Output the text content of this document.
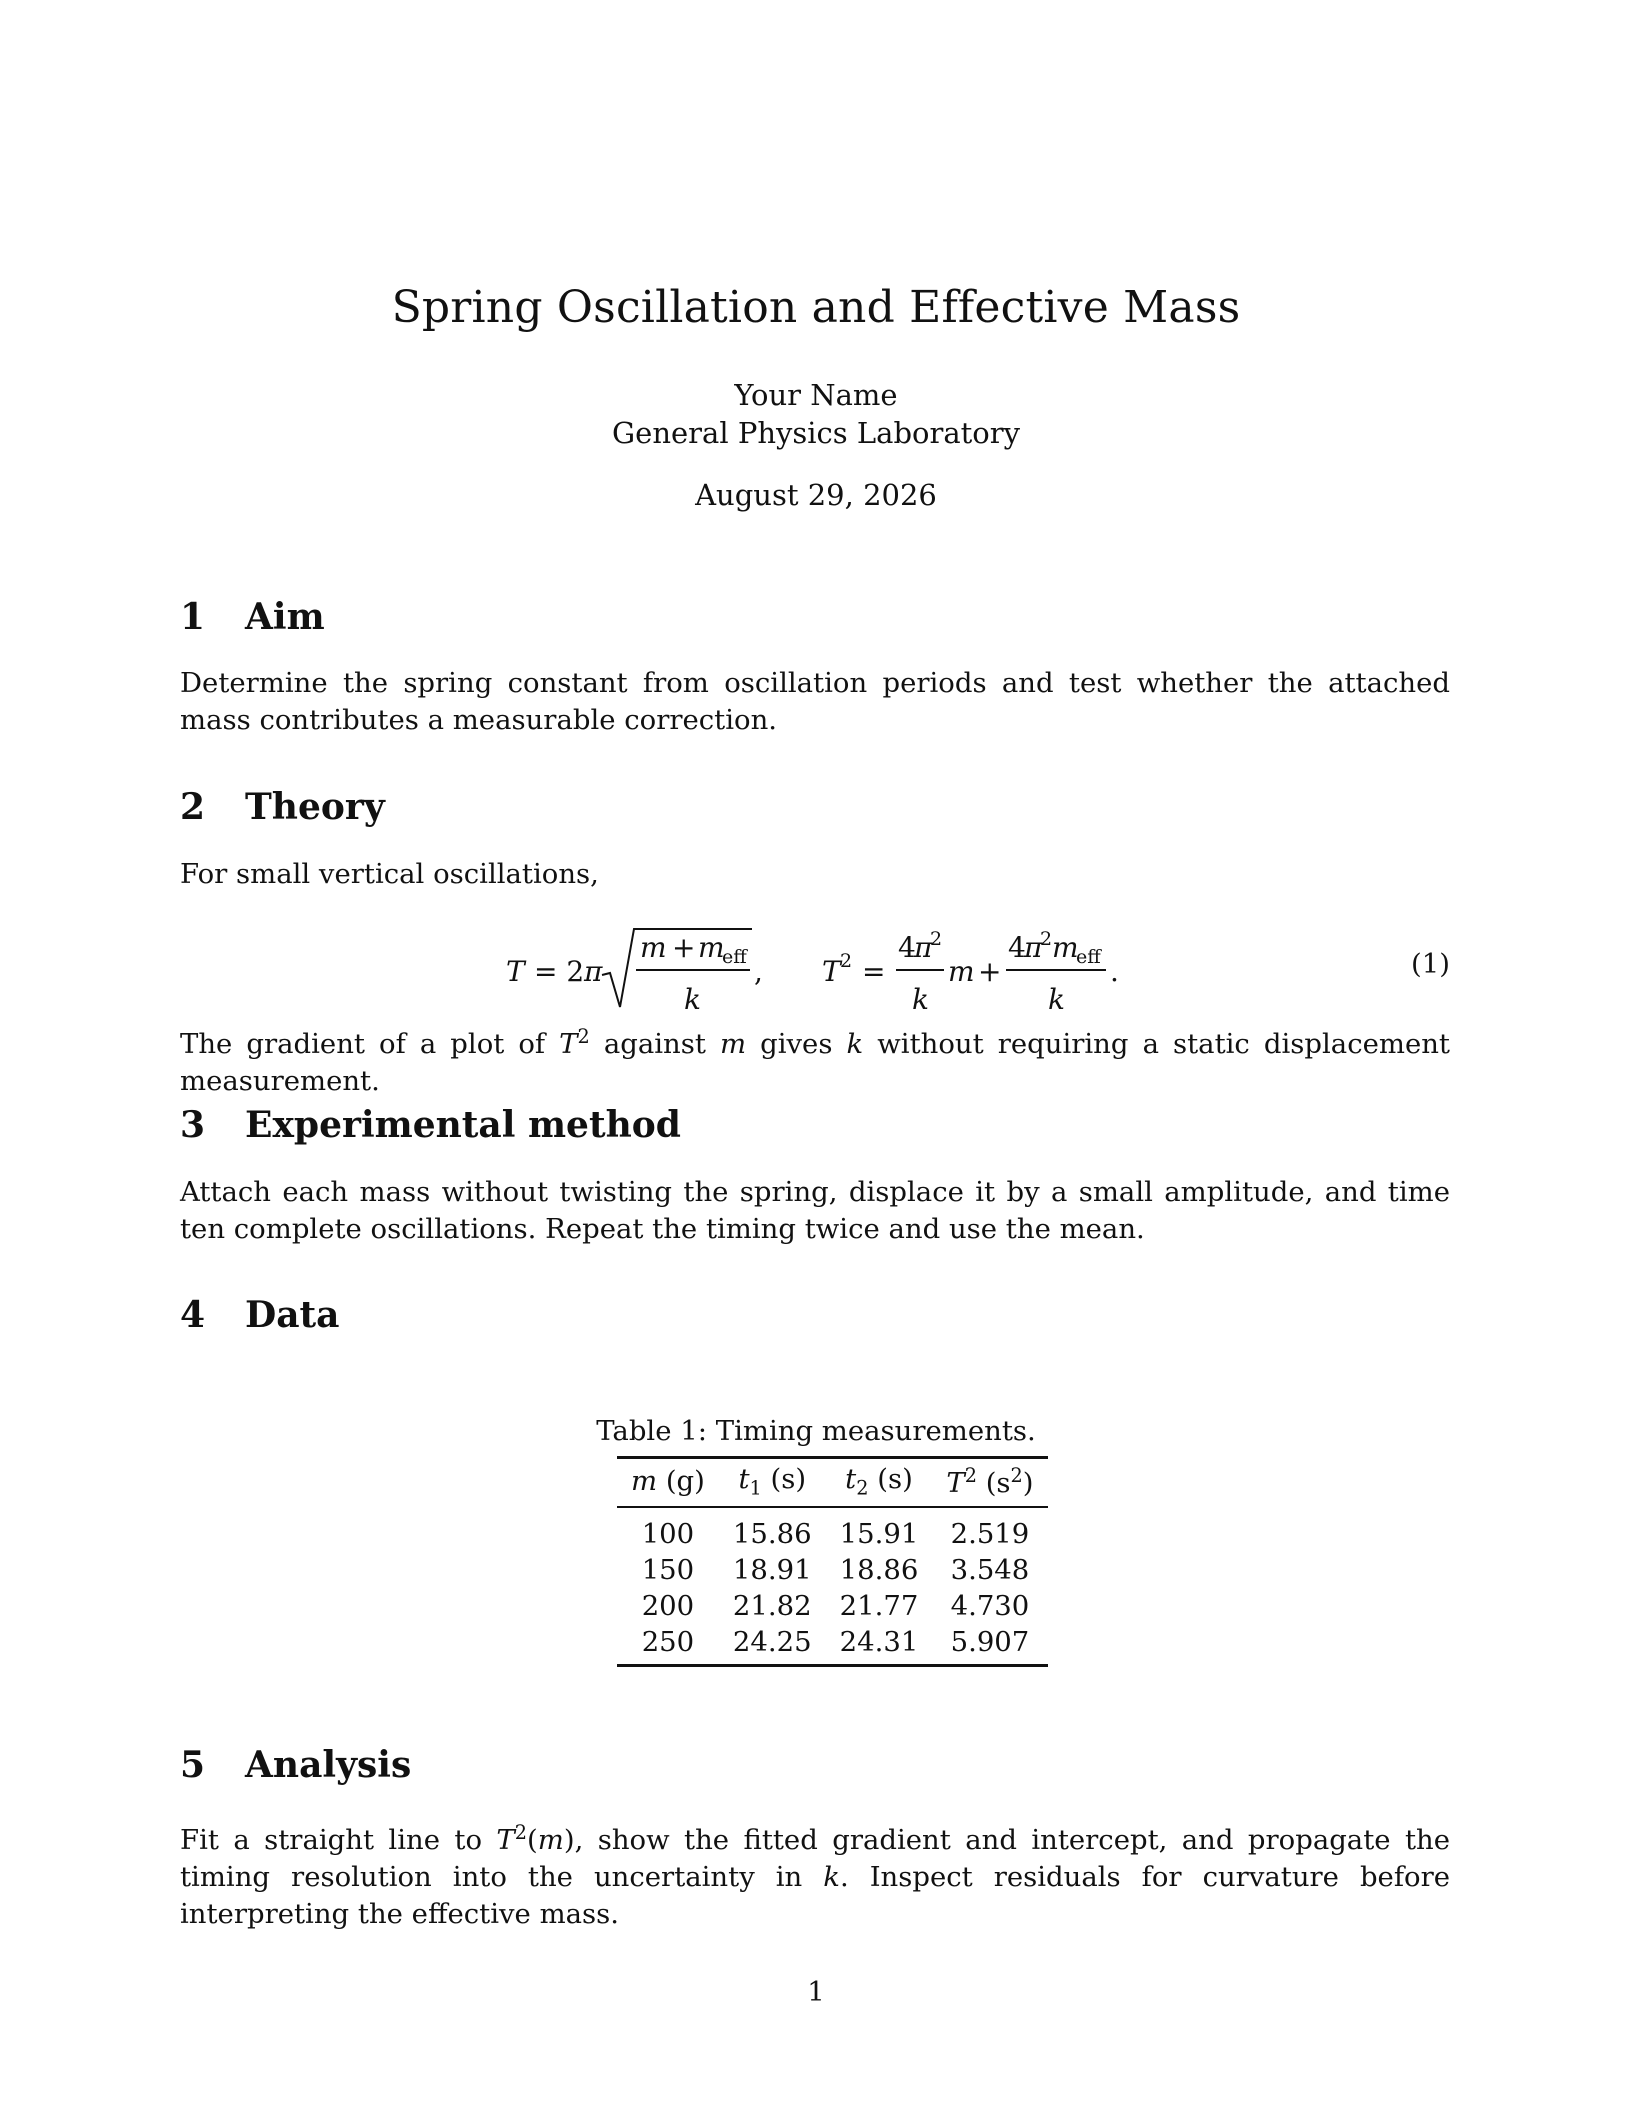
Spring Oscillation and Effective Mass
Your Name
General Physics Laboratory
August 29, 2026
1 Aim

Determine the spring constant from oscillation periods and test whether the attached mass contributes a measurable correction.

2 Theory

For small vertical oscillations,

T = 2 π
m + m
eff
k
, T 2 =
4
π
2
k
m +
4
π
2 m
eff
k
.	(1)

The gradient of a plot of $T^2$ against m gives k without requiring a static displacement measurement.

3 Experimental method

Attach each mass without twisting the spring, displace it by a small amplitude, and time ten complete oscillations. Repeat the timing twice and use the mean.

4 Data
Table 1: Timing measurements.
m (g)	$t_1$ (s)	$t_2$ (s)	$T^2$ $(s^2)$
100	15.86	15.91	2.519
150	18.91	18.86	3.548
200	21.82	21.77	4.730
250	24.25	24.31	5.907
5 Analysis

Fit a straight line to $T^2(m)$, show the fitted gradient and intercept, and propagate the timing resolution into the uncertainty in k. Inspect residuals for curvature before interpreting the effective mass.

1
